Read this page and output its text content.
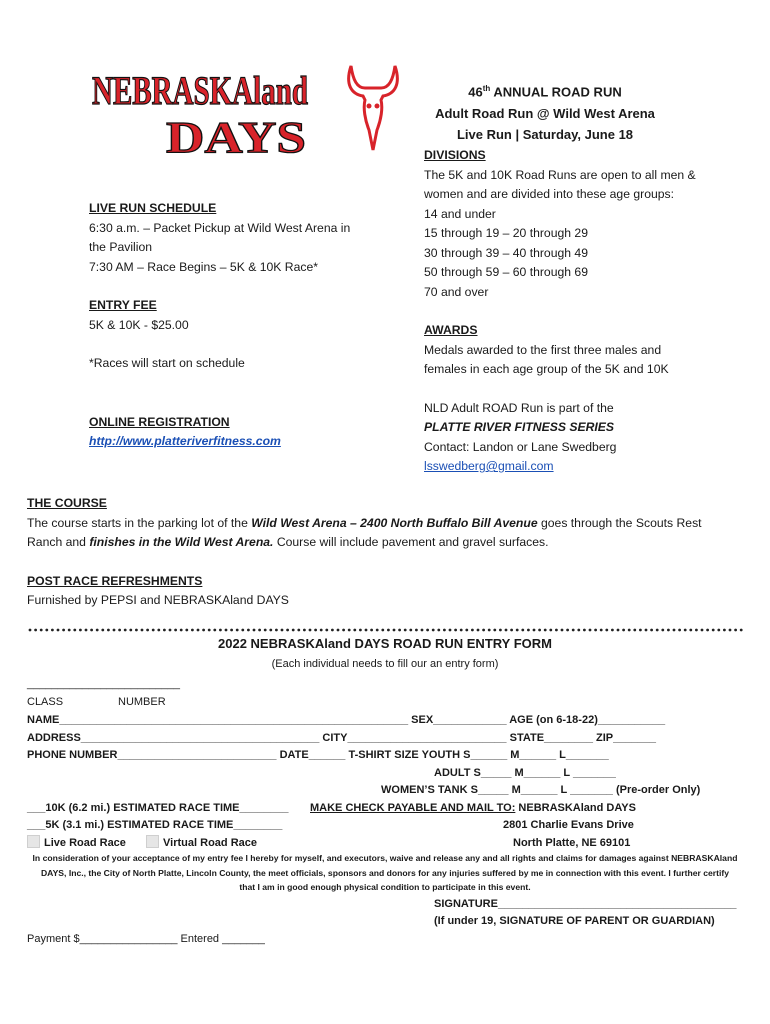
NEBRASKAland
DAYS
46th ANNUAL ROAD RUN
Adult Road Run @ Wild West Arena
Live Run | Saturday, June 18
DIVISIONS
The 5K and 10K Road Runs are open to all men &
women and are divided into these age groups:
14 and under
15 through 19 – 20 through 29
30 through 39 – 40 through 49
50 through 59 – 60 through 69
70 and over
AWARDS
Medals awarded to the first three males and
females in each age group of the 5K and 10K
NLD Adult ROAD Run is part of the
PLATTE RIVER FITNESS SERIES
Contact: Landon or Lane Swedberg
lsswedberg@gmail.com
LIVE RUN SCHEDULE
6:30 a.m. – Packet Pickup at Wild West Arena in
the Pavilion
7:30 AM – Race Begins – 5K & 10K Race*
ENTRY FEE
5K & 10K - $25.00
*Races will start on schedule
ONLINE REGISTRATION
http://www.platteriverfitness.com
THE COURSE
The course starts in the parking lot of the Wild West Arena – 2400 North Buffalo Bill Avenue goes through the Scouts Rest
Ranch and finishes in the Wild West Arena. Course will include pavement and gravel surfaces.
POST RACE REFRESHMENTS
Furnished by PEPSI and NEBRASKAland DAYS
2022 NEBRASKAland DAYS ROAD RUN ENTRY FORM
(Each individual needs to fill our an entry form)
_________________________
CLASS	NUMBER
NAME_________________________________________________________ SEX____________ AGE (on 6-18-22)___________
ADDRESS_______________________________________ CITY__________________________ STATE________ ZIP_______
PHONE NUMBER__________________________ DATE______ T-SHIRT SIZE YOUTH S______ M______ L_______
ADULT S_____ M______ L _______
WOMEN’S TANK S_____ M______ L _______ (Pre-order Only)
___10K (6.2 mi.) ESTIMATED RACE TIME________ MAKE CHECK PAYABLE AND MAIL TO: NEBRASKAland DAYS
___5K (3.1 mi.) ESTIMATED RACE TIME________	2801 Charlie Evans Drive
Live Road Race	Virtual Road Race	North Platte, NE 69101
In consideration of your acceptance of my entry fee I hereby for myself, and executors, waive and release any and all rights and claims for damages against NEBRASKAland
DAYS, Inc., the City of North Platte, Lincoln County, the meet officials, sponsors and donors for any injuries suffered by me in connection with this event. I further certify
that I am in good enough physical condition to participate in this event.
SIGNATURE_______________________________________
(If under 19, SIGNATURE OF PARENT OR GUARDIAN)
Payment $________________ Entered _______
